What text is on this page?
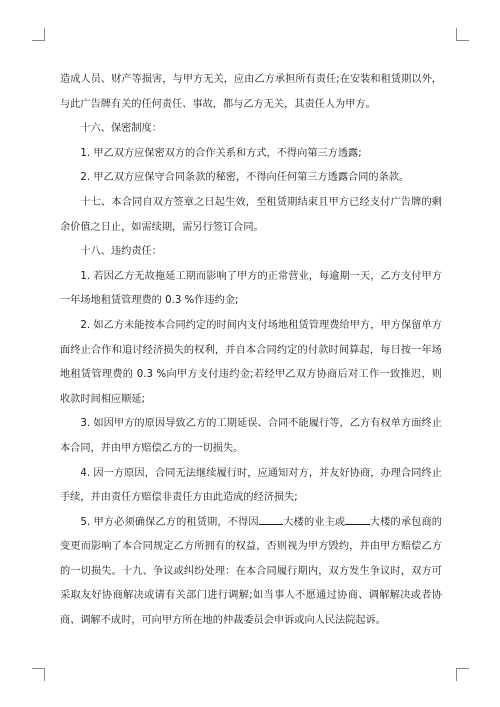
造成人员、财产等损害，与甲方无关，应由乙方承担所有责任;在安装和租赁期以外，与此广告牌有关的任何责任、事故，都与乙方无关，其责任人为甲方。

十六、保密制度：

1. 甲乙双方应保密双方的合作关系和方式，不得向第三方透露;

2. 甲乙双方应保守合同条款的秘密，不得向任何第三方透露合同的条款。

十七、本合同自双方签章之日起生效，至租赁期结束且甲方已经支付广告牌的剩余价值之日止，如需续期，需另行签订合同。

十八、违约责任：

1. 若因乙方无故拖延工期而影响了甲方的正常营业，每逾期一天，乙方支付甲方一年场地租赁管理费的 0.3 %作违约金;

2. 如乙方未能按本合同约定的时间内支付场地租赁管理费给甲方，甲方保留单方面终止合作和追讨经济损失的权利，并自本合同约定的付款时间算起，每日按一年场地租赁管理费的 0.3 %向甲方支付违约金;若经甲乙双方协商后对工作一致推迟，则收款时间相应顺延;

3. 如因甲方的原因导致乙方的工期延误、合同不能履行等，乙方有权单方面终止本合同，并由甲方赔偿乙方的一切损失。

4. 因一方原因，合同无法继续履行时，应通知对方，并友好协商，办理合同终止手续，并由责任方赔偿非责任方由此造成的经济损失;

5. 甲方必须确保乙方的租赁期，不得因 大楼的业主或 大楼的承包商的变更而影响了本合同规定乙方所拥有的权益，否则视为甲方毁约，并由甲方赔偿乙方的一切损失。十九、争议或纠纷处理：在本合同履行期内，双方发生争议时，双方可采取友好协商解决或请有关部门进行调解;如当事人不愿通过协商、调解解决或者协商、调解不成时，可向甲方所在地的仲裁委员会申诉或向人民法院起诉。
